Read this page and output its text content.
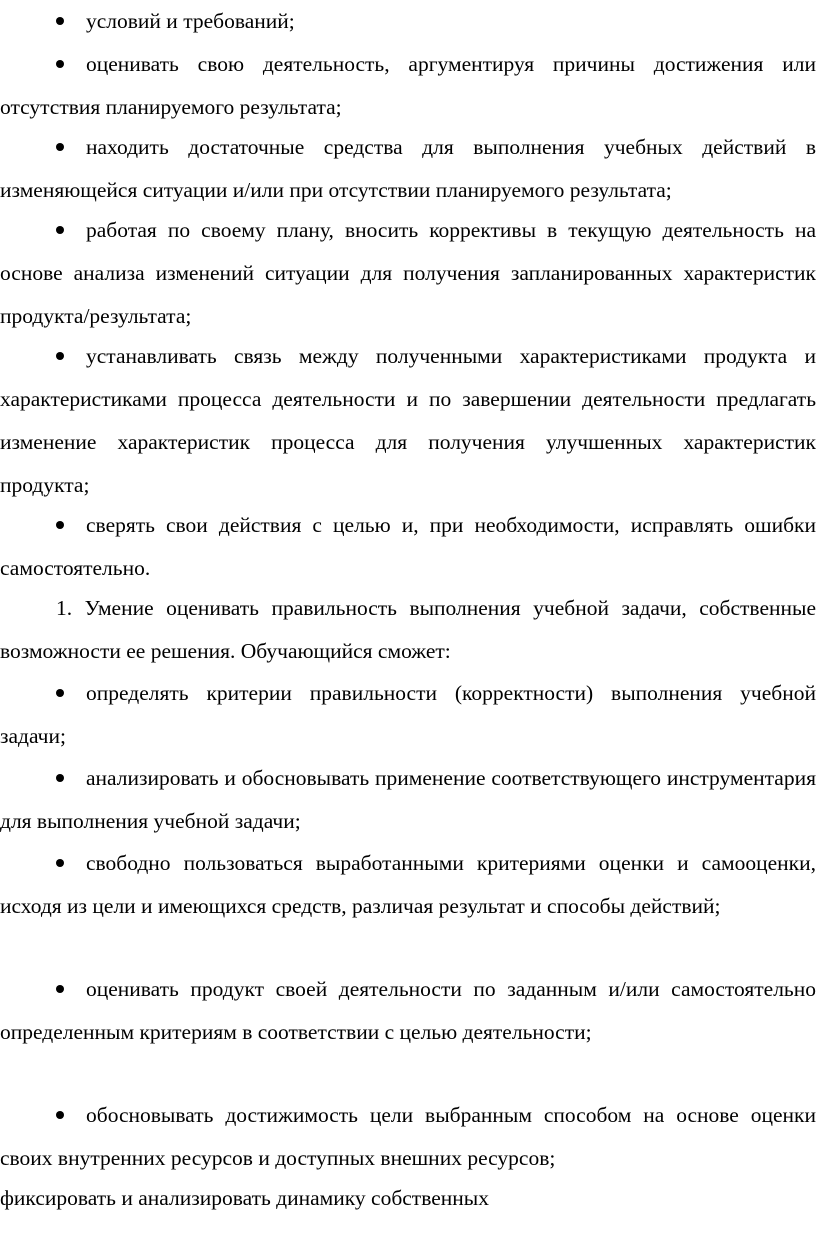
условий и требований;

оценивать свою деятельность, аргументируя причины достижения или отсутствия планируемого результата;

находить достаточные средства для выполнения учебных действий в изменяющейся ситуации и/или при отсутствии планируемого результата;

работая по своему плану, вносить коррективы в текущую деятельность на основе анализа изменений ситуации для получения запланированных характеристик продукта/результата;

устанавливать связь между полученными характеристиками продукта и характеристиками процесса деятельности и по завершении деятельности предлагать изменение характеристик процесса для получения улучшенных характеристик продукта;

сверять свои действия с целью и, при необходимости, исправлять ошибки самостоятельно.

1. Умение оценивать правильность выполнения учебной задачи, собственные возможности ее решения. Обучающийся сможет:

определять критерии правильности (корректности) выполнения учебной задачи;

анализировать и обосновывать применение соответствующего инструментария для выполнения учебной задачи;

свободно пользоваться выработанными критериями оценки и самооценки, исходя из цели и имеющихся средств, различая результат и способы действий;

оценивать продукт своей деятельности по заданным и/или самостоятельно определенным критериям в соответствии с целью деятельности;

обосновывать достижимость цели выбранным способом на основе оценки своих внутренних ресурсов и доступных внешних ресурсов;

фиксировать и анализировать динамику собственных
